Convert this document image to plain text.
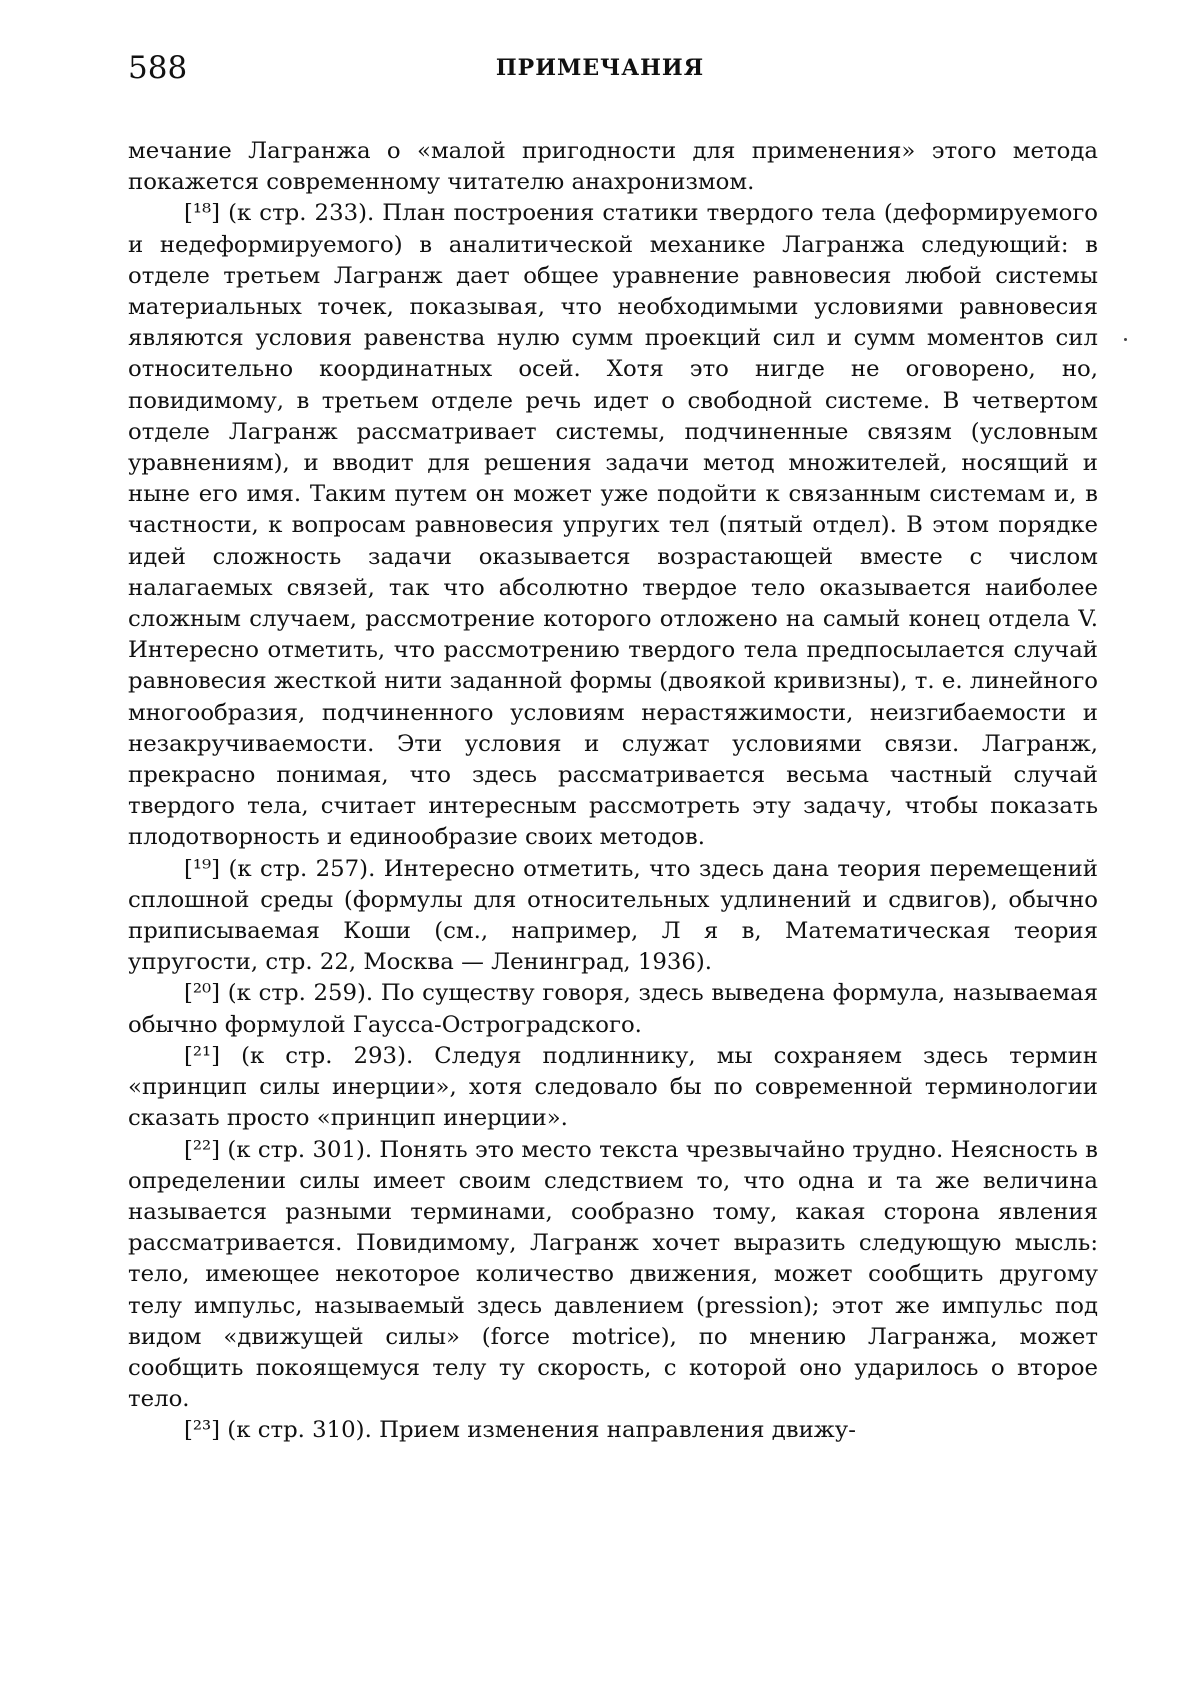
588	ПРИМЕЧАНИЯ

мечание Лагранжа о «малой пригодности для применения» этого метода покажется современному читателю анахронизмом.

[¹⁸] (к стр. 233). План построения статики твердого тела (деформируемого и недеформируемого) в аналитической механике Лагранжа следующий: в отделе третьем Лагранж дает общее уравнение равновесия любой системы материальных точек, показывая, что необходимыми условиями равновесия являются условия равенства нулю сумм проекций сил и сумм моментов сил относительно координатных осей. Хотя это нигде не оговорено, но, повидимому, в третьем отделе речь идет о свободной системе. В четвертом отделе Лагранж рассматривает системы, подчиненные связям (условным уравнениям), и вводит для решения задачи метод множителей, носящий и ныне его имя. Таким путем он может уже подойти к связанным системам и, в частности, к вопросам равновесия упругих тел (пятый отдел). В этом порядке идей сложность задачи оказывается возрастающей вместе с числом налагаемых связей, так что абсолютно твердое тело оказывается наиболее сложным случаем, рассмотрение которого отложено на самый конец отдела V. Интересно отметить, что рассмотрению твердого тела предпосылается случай равновесия жесткой нити заданной формы (двоякой кривизны), т. е. линейного многообразия, подчиненного условиям нерастяжимости, неизгибаемости и незакручиваемости. Эти условия и служат условиями связи. Лагранж, прекрасно понимая, что здесь рассматривается весьма частный случай твердого тела, считает интересным рассмотреть эту задачу, чтобы показать плодотворность и единообразие своих методов.

[¹⁹] (к стр. 257). Интересно отметить, что здесь дана теория перемещений сплошной среды (формулы для относительных удлинений и сдвигов), обычно приписываемая Коши (см., например, Л я в, Математическая теория упругости, стр. 22, Москва — Ленинград, 1936).

[²⁰] (к стр. 259). По существу говоря, здесь выведена формула, называемая обычно формулой Гаусса-Остроградского.

[²¹] (к стр. 293). Следуя подлиннику, мы сохраняем здесь термин «принцип силы инерции», хотя следовало бы по современной терминологии сказать просто «принцип инерции».

[²²] (к стр. 301). Понять это место текста чрезвычайно трудно. Неясность в определении силы имеет своим следствием то, что одна и та же величина называется разными терминами, сообразно тому, какая сторона явления рассматривается. Повидимому, Лагранж хочет выразить следующую мысль: тело, имеющее некоторое количество движения, может сообщить другому телу импульс, называемый здесь давлением (pression); этот же импульс под видом «движущей силы» (force motrice), по мнению Лагранжа, может сообщить покоящемуся телу ту скорость, с которой оно ударилось о второе тело.

[²³] (к стр. 310). Прием изменения направления движу-
